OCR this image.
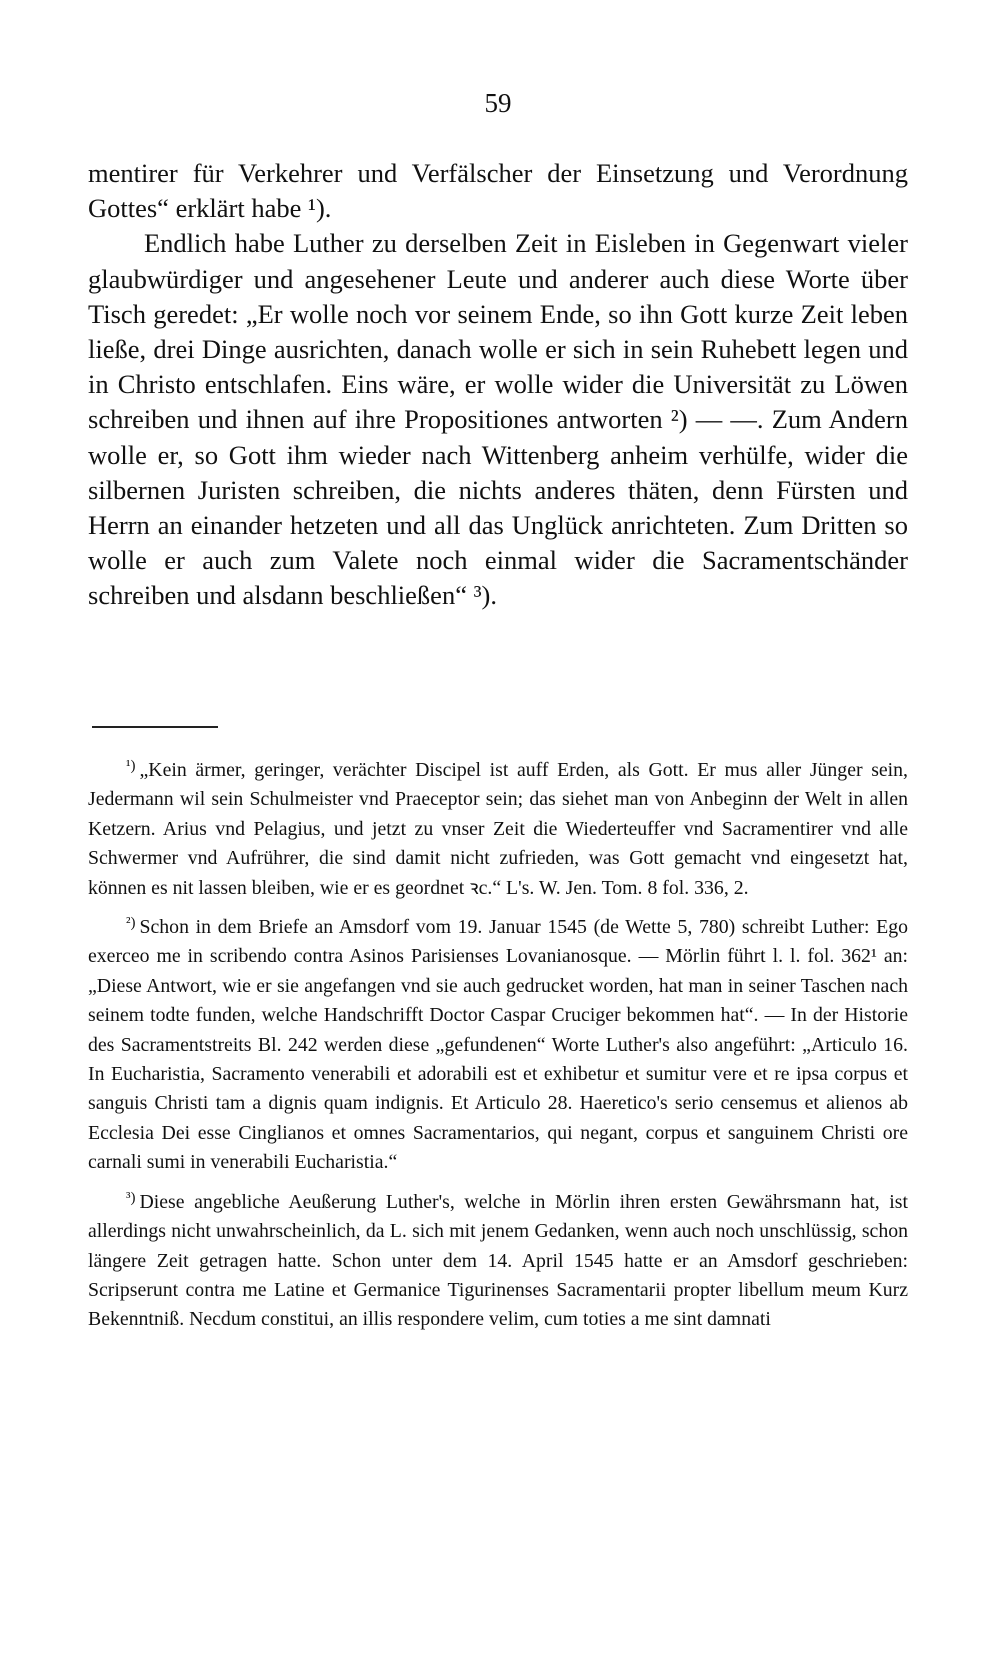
59

mentirer für Verkehrer und Verfälscher der Einsetzung und Verordnung Gottes“ erklärt habe ¹).

Endlich habe Luther zu derselben Zeit in Eisleben in Gegenwart vieler glaubwürdiger und angesehener Leute und anderer auch diese Worte über Tisch geredet: „Er wolle noch vor seinem Ende, so ihn Gott kurze Zeit leben ließe, drei Dinge ausrichten, danach wolle er sich in sein Ruhebett legen und in Christo entschlafen. Eins wäre, er wolle wider die Universität zu Löwen schreiben und ihnen auf ihre Propositiones antworten ²) — —. Zum Andern wolle er, so Gott ihm wieder nach Wittenberg anheim verhülfe, wider die silbernen Juristen schreiben, die nichts anderes thäten, denn Fürsten und Herrn an einander hetzeten und all das Unglück anrichteten. Zum Dritten so wolle er auch zum Valete noch einmal wider die Sacramentschänder schreiben und alsdann beschließen“ ³).

$^{^1)}$ „Kein ärmer, geringer, verächter Discipel ist auff Erden, als Gott. Er mus aller Jünger sein, Jedermann wil sein Schulmeister vnd Praeceptor sein; das siehet man von Anbeginn der Welt in allen Ketzern. Arius vnd Pelagius, und jetzt zu vnser Zeit die Wiederteuffer vnd Sacramentirer vnd alle Schwermer vnd Aufrührer, die sind damit nicht zufrieden, was Gott gemacht vnd eingesetzt hat, können es nit lassen bleiben, wie er es geordnet ꝛc.“ L's. W. Jen. Tom. 8 fol. 336, 2.

$^{^2)}$ Schon in dem Briefe an Amsdorf vom 19. Januar 1545 (de Wette 5, 780) schreibt Luther: Ego exerceo me in scribendo contra Asinos Parisienses Lovanianosque. — Mörlin führt l. l. fol. 362¹ an: „Diese Antwort, wie er sie angefangen vnd sie auch gedrucket worden, hat man in seiner Taschen nach seinem todte funden, welche Handschrifft Doctor Caspar Cruciger bekommen hat“. — In der Historie des Sacramentstreits Bl. 242 werden diese „gefundenen“ Worte Luther's also angeführt: „Articulo 16. In Eucharistia, Sacramento venerabili et adorabili est et exhibetur et sumitur vere et re ipsa corpus et sanguis Christi tam a dignis quam indignis. Et Articulo 28. Haeretico's serio censemus et alienos ab Ecclesia Dei esse Cinglianos et omnes Sacramentarios, qui negant, corpus et sanguinem Christi ore carnali sumi in venerabili Eucharistia.“

$^{^3)}$ Diese angebliche Aeußerung Luther's, welche in Mörlin ihren ersten Gewährsmann hat, ist allerdings nicht unwahrscheinlich, da L. sich mit jenem Gedanken, wenn auch noch unschlüssig, schon längere Zeit getragen hatte. Schon unter dem 14. April 1545 hatte er an Amsdorf geschrieben: Scripserunt contra me Latine et Germanice Tigurinenses Sacramentarii propter libellum meum Kurz Bekenntniß. Necdum constitui, an illis respondere velim, cum toties a me sint damnati
